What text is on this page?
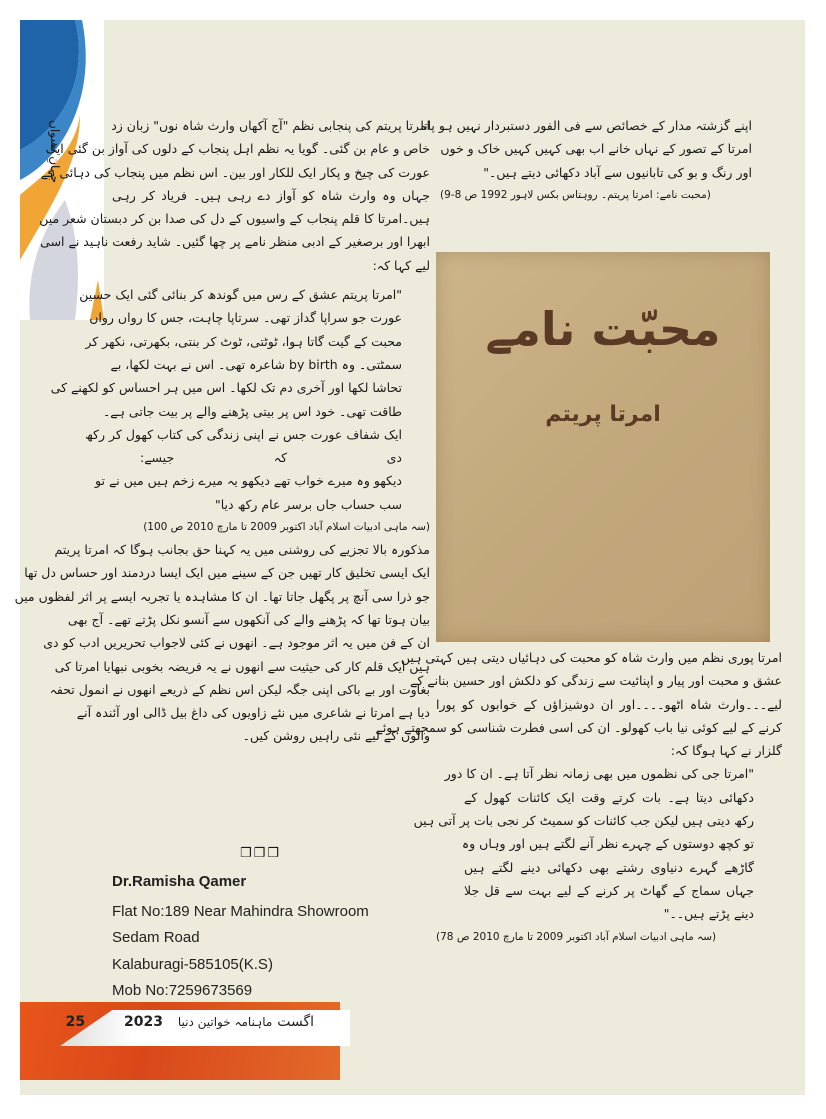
جہانِ نسواں	امرتا پریتم کی پنجابی نظم "آج آکھاں وارث شاہ نوں" زبان زد
خاص و عام بن گئی۔ گویا یہ نظم اہل پنجاب کے دلوں کی آواز بن گئی ایک
عورت کی چیخ و پکار ایک للکار اور بین۔ اس نظم میں پنجاب کی دہائی ہے
جہاں وہ وارث شاہ کو آواز دے رہی ہیں۔ فریاد کر رہی
ہیں۔امرتا کا قلم پنجاب کے واسیوں کے دل کی صدا بن کر دبستان شعر میں
ابھرا اور برصغیر کے ادبی منظر نامے پر چھا گئیں۔ شاید رفعت ناہید نے اسی
لیے کہا کہ:
"امرتا پریتم عشق کے رس میں گوندھ کر بنائی گئی ایک حسین
عورت جو سراپا گداز تھی۔ سرتاپا چاہت، جس کا رواں رواں
محبت کے گیت گاتا ہوا، ٹوٹتی، ٹوٹ کر بنتی، بکھرتی، نکھر کر
سمٹتی۔ وہ by birth شاعرہ تھی۔ اس نے بہت لکھا، بے
تحاشا لکھا اور آخری دم تک لکھا۔ اس میں ہر احساس کو لکھنے کی
طاقت تھی۔ خود اس پر بیتی پڑھنے والے پر بیت جاتی ہے۔
ایک شفاف عورت جس نے اپنی زندگی کی کتاب کھول کر رکھ
دی کہ جیسے:
دیکھو وہ میرے خواب تھے دیکھو یہ میرے زخم ہیں میں نے تو
سب حساب جاں برسر عام رکھ دیا"
(سہ ماہی ادبیات اسلام آباد اکتوبر 2009 تا مارچ 2010 ص 100)
مذکورہ بالا تجزیے کی روشنی میں یہ کہنا حق بجانب ہوگا کہ امرتا پریتم
ایک ایسی تخلیق کار تھیں جن کے سینے میں ایک ایسا دردمند اور حساس دل تھا
جو ذرا سی آنچ پر پگھل جاتا تھا۔ ان کا مشاہدہ یا تجربہ ایسے پر اثر لفظوں میں
بیان ہوتا تھا کہ پڑھنے والے کی آنکھوں سے آنسو نکل پڑتے تھے۔ آج بھی
ان کے فن میں یہ اثر موجود ہے۔ انھوں نے کئی لاجواب تحریریں ادب کو دی
ہیں ایک قلم کار کی حیثیت سے انھوں نے یہ فریضہ بخوبی نبھایا امرتا کی
بغاوت اور بے باکی اپنی جگہ لیکن اس نظم کے ذریعے انھوں نے انمول تحفہ
دیا ہے امرتا نے شاعری میں نئے زاویوں کی داغ بیل ڈالی اور آئندہ آنے
والوں کے لیے نئی راہیں روشن کیں۔
❒❒❒
Dr.Ramisha Qamer
Flat No:189 Near Mahindra Showroom
Sedam Road
Kalaburagi-585105(K.S)
Mob No:7259673569
اپنے گزشتہ مدار کے خصائص سے فی الفور دستبردار نہیں ہو پاتا
امرتا کے تصور کے نہاں خانے اب بھی کہیں کہیں خاک و خوں
اور رنگ و بو کی تابانیوں سے آباد دکھائی دیتے ہیں۔"
(محبت نامے: امرتا پریتم۔ روہتاس بکس لاہور 1992 ص 8-9)
محبّت نامے
امرتا پریتم
امرتا پوری نظم میں وارث شاہ کو محبت کی دہائیاں دیتی ہیں کہتی ہیں
عشق و محبت اور پیار و اپنائیت سے زندگی کو دلکش اور حسین بنانے کے
لیے۔۔۔وارث شاہ اٹھو۔۔۔۔اور ان دوشیزاؤں کے خوابوں کو پورا
کرنے کے لیے کوئی نیا باب کھولو۔ ان کی اسی فطرت شناسی کو سمجھتے ہوئے
گلزار نے کہا ہوگا کہ:
"امرتا جی کی نظموں میں بھی زمانہ نظر آتا ہے۔ ان کا دور
دکھائی دیتا ہے۔ بات کرتے وقت ایک کائنات کھول کے
رکھ دیتی ہیں لیکن جب کائنات کو سمیٹ کر نجی بات پر آتی ہیں
تو کچھ دوستوں کے چہرے نظر آنے لگتے ہیں اور وہاں وہ
گاڑھے گہرے دنیاوی رشتے بھی دکھائی دینے لگتے ہیں
جہاں سماج کے گھاٹ پر کرنے کے لیے بہت سے قل جلا
دینے پڑتے ہیں۔۔"
(سہ ماہی ادبیات اسلام آباد اکتوبر 2009 تا مارچ 2010 ص 78)
25	2023	اگست ماہنامہ خواتین دنیا
